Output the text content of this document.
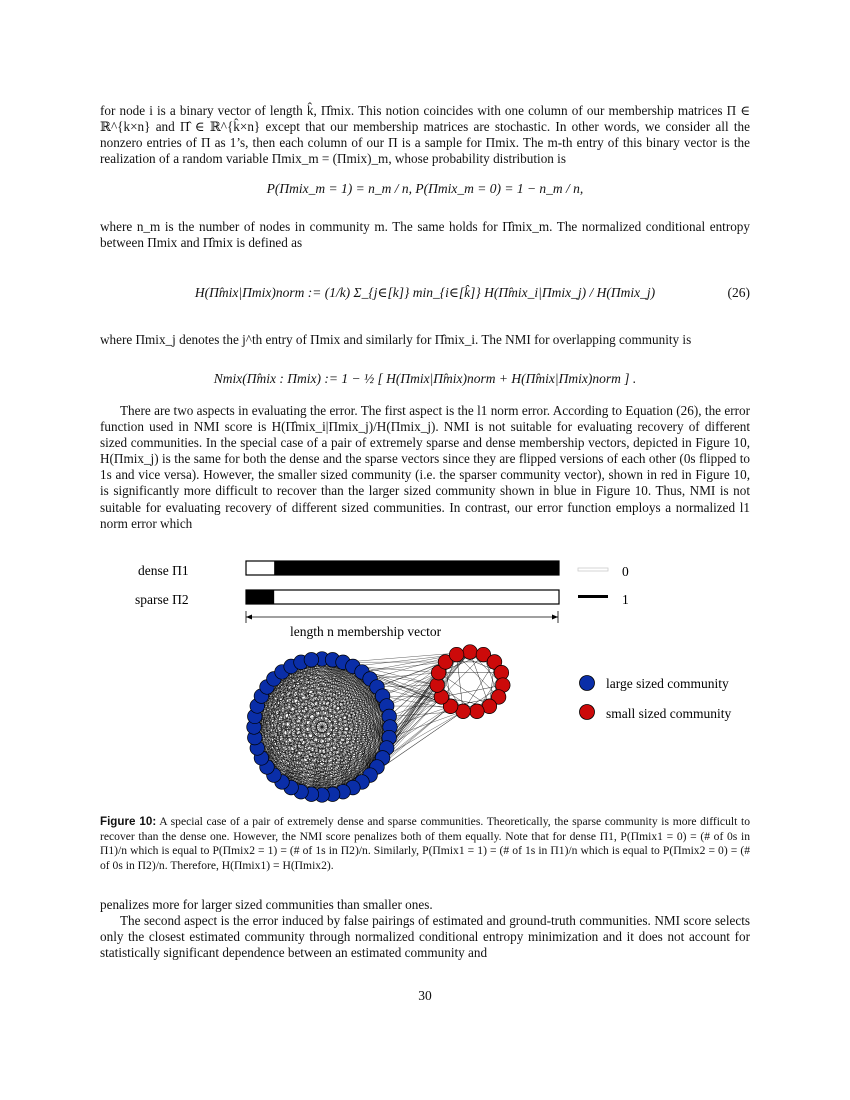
for node i is a binary vector of length k̂, Π̂mix. This notion coincides with one column of our membership matrices Π ∈ ℝ^{k×n} and Π̂ ∈ ℝ^{k̂×n} except that our membership matrices are stochastic. In other words, we consider all the nonzero entries of Π as 1’s, then each column of our Π is a sample for Πmix. The m-th entry of this binary vector is the realization of a random variable Πmix_m = (Πmix)_m, whose probability distribution is
P(Πmix_m = 1) = n_m / n, P(Πmix_m = 0) = 1 − n_m / n,
where n_m is the number of nodes in community m. The same holds for Π̂mix_m. The normalized conditional entropy between Πmix and Π̂mix is defined as
H(Π̂mix|Πmix)norm := (1/k) Σ_{j∈[k]} min_{i∈[k̂]} H(Π̂mix_i|Πmix_j) / H(Πmix_j)	(26)
where Πmix_j denotes the j^th entry of Πmix and similarly for Π̂mix_i. The NMI for overlapping community is
Nmix(Π̂mix : Πmix) := 1 − ½ [ H(Πmix|Π̂mix)norm + H(Π̂mix|Πmix)norm ] .
There are two aspects in evaluating the error. The first aspect is the l1 norm error. According to Equation (26), the error function used in NMI score is H(Π̂mix_i|Πmix_j)/H(Πmix_j). NMI is not suitable for evaluating recovery of different sized communities. In the special case of a pair of extremely sparse and dense membership vectors, depicted in Figure 10, H(Πmix_j) is the same for both the dense and the sparse vectors since they are flipped versions of each other (0s flipped to 1s and vice versa). However, the smaller sized community (i.e. the sparser community vector), shown in red in Figure 10, is significantly more difficult to recover than the larger sized community shown in blue in Figure 10. Thus, NMI is not suitable for evaluating recovery of different sized communities. In contrast, our error function employs a normalized l1 norm error which
dense Π1
sparse Π2
0
1
length n membership vector
large sized community
small sized community
Figure 10: A special case of a pair of extremely dense and sparse communities. Theoretically, the sparse community is more difficult to recover than the dense one. However, the NMI score penalizes both of them equally. Note that for dense Π1, P(Πmix1 = 0) = (# of 0s in Π1)/n which is equal to P(Πmix2 = 1) = (# of 1s in Π2)/n. Similarly, P(Πmix1 = 1) = (# of 1s in Π1)/n which is equal to P(Πmix2 = 0) = (# of 0s in Π2)/n. Therefore, H(Πmix1) = H(Πmix2).
penalizes more for larger sized communities than smaller ones.
The second aspect is the error induced by false pairings of estimated and ground-truth communities. NMI score selects only the closest estimated community through normalized conditional entropy minimization and it does not account for statistically significant dependence between an estimated community and
30
